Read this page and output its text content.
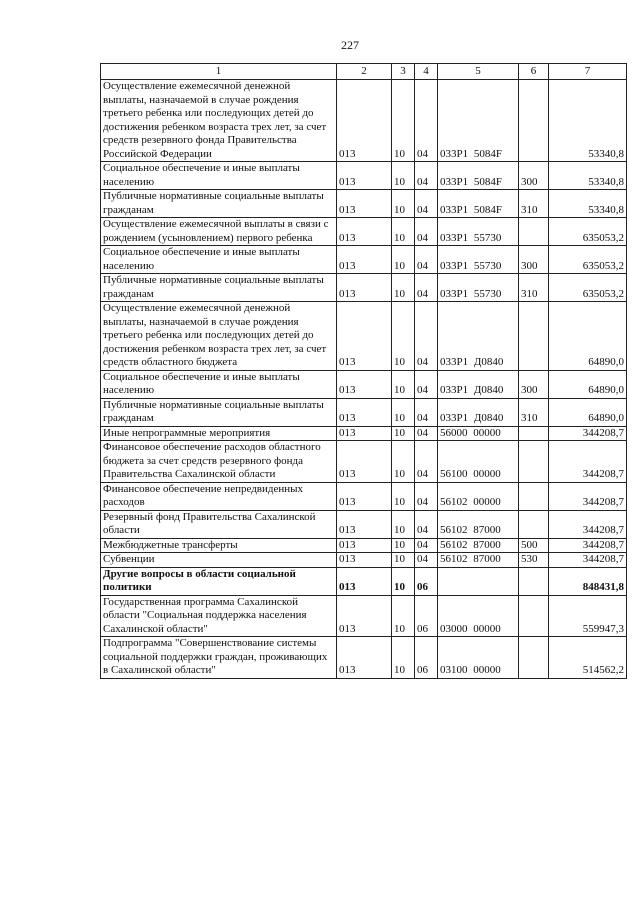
227
1	2	3	4	5	6	7
Осуществление ежемесячной денежной выплаты, назначаемой в случае рождения третьего ребенка или последующих детей до достижения ребенком возраста трех лет, за счет средств резервного фонда Правительства Российской Федерации	013	10	04	033P1 5084F		53340,8
Социальное обеспечение и иные выплаты населению	013	10	04	033P1 5084F	300	53340,8
Публичные нормативные социальные выплаты гражданам	013	10	04	033P1 5084F	310	53340,8
Осуществление ежемесячной выплаты в связи с рождением (усыновлением) первого ребенка	013	10	04	033P1 55730		635053,2
Социальное обеспечение и иные выплаты населению	013	10	04	033P1 55730	300	635053,2
Публичные нормативные социальные выплаты гражданам	013	10	04	033P1 55730	310	635053,2
Осуществление ежемесячной денежной выплаты, назначаемой в случае рождения третьего ребенка или последующих детей до достижения ребенком возраста трех лет, за счет средств областного бюджета	013	10	04	033P1 Д0840		64890,0
Социальное обеспечение и иные выплаты населению	013	10	04	033P1 Д0840	300	64890,0
Публичные нормативные социальные выплаты гражданам	013	10	04	033P1 Д0840	310	64890,0
Иные непрограммные мероприятия	013	10	04	56000 00000		344208,7
Финансовое обеспечение расходов областного бюджета за счет средств резервного фонда Правительства Сахалинской области	013	10	04	56100 00000		344208,7
Финансовое обеспечение непредвиденных расходов	013	10	04	56102 00000		344208,7
Резервный фонд Правительства Сахалинской области	013	10	04	56102 87000		344208,7
Межбюджетные трансферты	013	10	04	56102 87000	500	344208,7
Субвенции	013	10	04	56102 87000	530	344208,7
Другие вопросы в области социальной политики	013	10	06			848431,8
Государственная программа Сахалинской области "Социальная поддержка населения Сахалинской области"	013	10	06	03000 00000		559947,3
Подпрограмма "Совершенствование системы социальной поддержки граждан, проживающих в Сахалинской области"	013	10	06	03100 00000		514562,2
